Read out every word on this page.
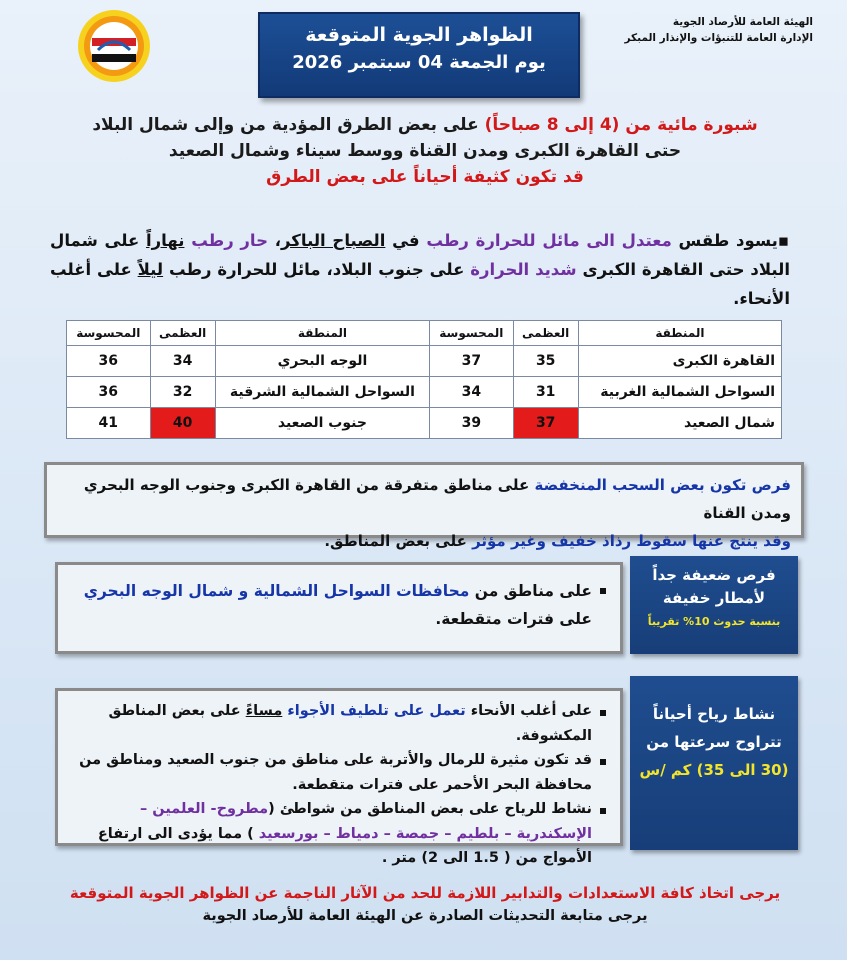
الهيئة العامة للأرصاد الجوية
الإدارة العامة للتنبؤات والإنذار المبكر
الظواهر الجوية المتوقعة
يوم الجمعة 04 سبتمبر 2026
شبورة مائية من (4 إلى 8 صباحاً) على بعض الطرق المؤدية من وإلى شمال البلاد
حتى القاهرة الكبرى ومدن القناة ووسط سيناء وشمال الصعيد
قد تكون كثيفة أحياناً على بعض الطرق
▪يسود طقس معتدل الى مائل للحرارة رطب في الصباح الباكر، حار رطب نهاراً على شمال البلاد حتى القاهرة الكبرى شديد الحرارة على جنوب البلاد، مائل للحرارة رطب ليلاً على أغلب الأنحاء.
المنطقة	العظمى	المحسوسة	المنطقة	العظمى	المحسوسة
القاهرة الكبرى	35	37	الوجه البحري	34	36
السواحل الشمالية الغربية	31	34	السواحل الشمالية الشرقية	32	36
شمال الصعيد	37	39	جنوب الصعيد	40	41
فرص تكون بعض السحب المنخفضة على مناطق متفرقة من القاهرة الكبرى وجنوب الوجه البحري ومدن القناة
وقد ينتج عنها سقوط رذاذ خفيف وغير مؤثر على بعض المناطق.
على مناطق من محافظات السواحل الشمالية و شمال الوجه البحري على فترات متقطعة.
فرص ضعيفة جداً
لأمطار خفيفة
بنسبة حدوث 10% تقريباً
على أغلب الأنحاء تعمل على تلطيف الأجواء مساءً على بعض المناطق المكشوفة.
قد تكون مثيرة للرمال والأتربة على مناطق من جنوب الصعيد ومناطق من محافظة البحر الأحمر على فترات متقطعة.
نشاط للرياح على بعض المناطق من شواطئ (مطروح- العلمين – الإسكندرية – بلطيم – جمصة – دمياط – بورسعيد ) مما يؤدى الى ارتفاع الأمواج من ( 1.5 الى 2) متر .
نشاط رياح أحياناً
تتراوح سرعتها من
(30 الى 35) كم /س
يرجى اتخاذ كافة الاستعدادات والتدابير اللازمة للحد من الآثار الناجمة عن الظواهر الجوية المتوقعة
يرجى متابعة التحديثات الصادرة عن الهيئة العامة للأرصاد الجوية
